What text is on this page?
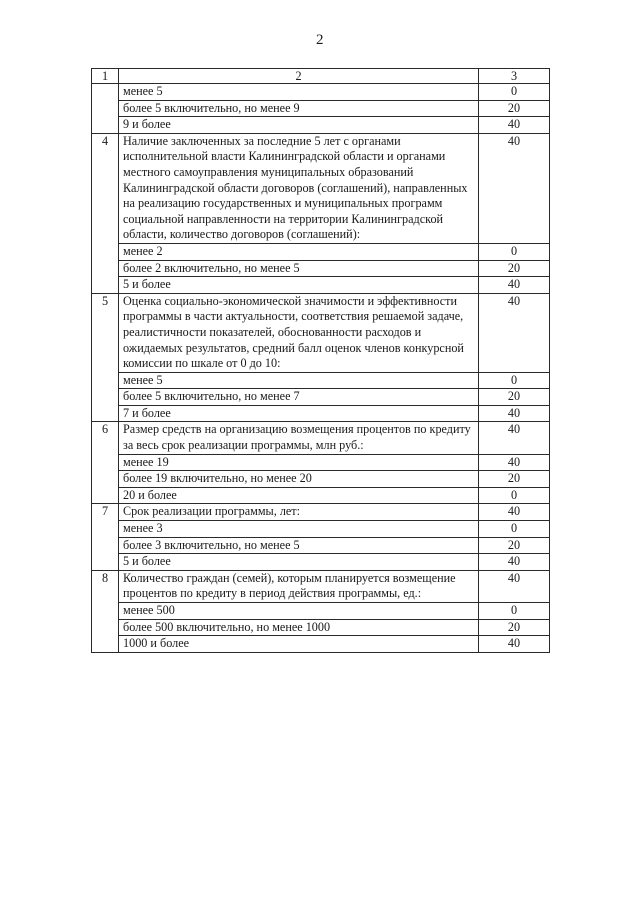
2
1	2	3
	менее 5	0
	более 5 включительно, но менее 9	20
	9 и более	40
4	Наличие заключенных за последние 5 лет с органами исполнительной власти Калининградской области и органами местного самоуправления муниципальных образований Калининградской области договоров (соглашений), направленных на реализацию государственных и муниципальных программ социальной направленности на территории Калининградской области, количество договоров (соглашений):	40
	менее 2	0
	более 2 включительно, но менее 5	20
	5 и более	40
5	Оценка социально-экономической значимости и эффективности программы в части актуальности, соответствия решаемой задаче, реалистичности показателей, обоснованности расходов и ожидаемых результатов, средний балл оценок членов конкурсной комиссии по шкале от 0 до 10:	40
	менее 5	0
	более 5 включительно, но менее 7	20
	7 и более	40
6	Размер средств на организацию возмещения процентов по кредиту за весь срок реализации программы, млн руб.:	40
	менее 19	40
	более 19 включительно, но менее 20	20
	20 и более	0
7	Срок реализации программы, лет:	40
	менее 3	0
	более 3 включительно, но менее 5	20
	5 и более	40
8	Количество граждан (семей), которым планируется возмещение процентов по кредиту в период действия программы, ед.:	40
	менее 500	0
	более 500 включительно, но менее 1000	20
	1000 и более	40
